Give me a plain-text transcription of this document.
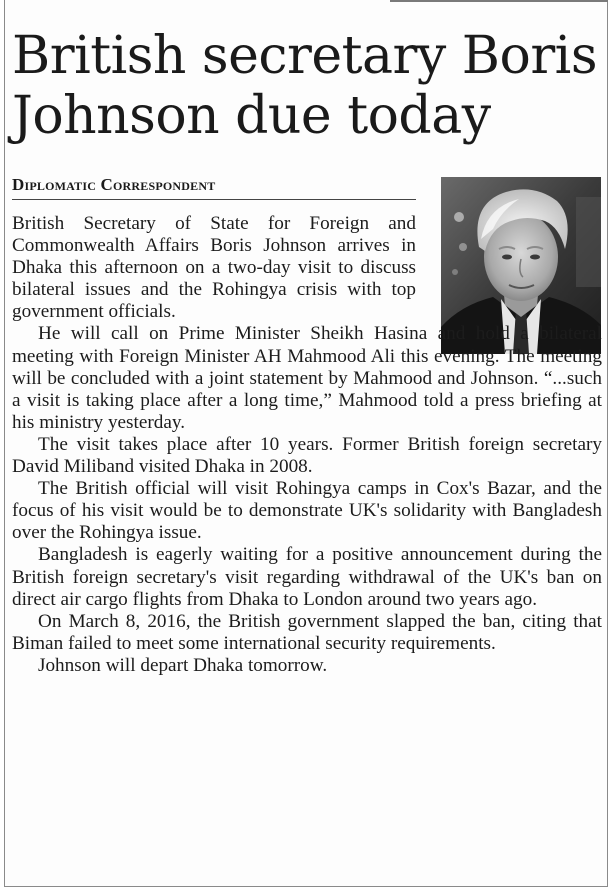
British secretary Boris Johnson due today
Diplomatic Correspondent

British Secretary of State for Foreign and Commonwealth Affairs Boris Johnson arrives in Dhaka this afternoon on a two-day visit to discuss bilateral issues and the Rohingya crisis with top government officials.

He will call on Prime Minister Sheikh Hasina and hold a bilateral meeting with Foreign Minister AH Mahmood Ali this evening. The meeting will be concluded with a joint statement by Mahmood and Johnson. “...such a visit is taking place after a long time,” Mahmood told a press briefing at his ministry yesterday.

The visit takes place after 10 years. Former British foreign secretary David Miliband visited Dhaka in 2008.

The British official will visit Rohingya camps in Cox's Bazar, and the focus of his visit would be to demonstrate UK's solidarity with Bangladesh over the Rohingya issue.

Bangladesh is eagerly waiting for a positive announcement during the British foreign secretary's visit regarding withdrawal of the UK's ban on direct air cargo flights from Dhaka to London around two years ago.

On March 8, 2016, the British government slapped the ban, citing that Biman failed to meet some international security requirements.

Johnson will depart Dhaka tomorrow.
